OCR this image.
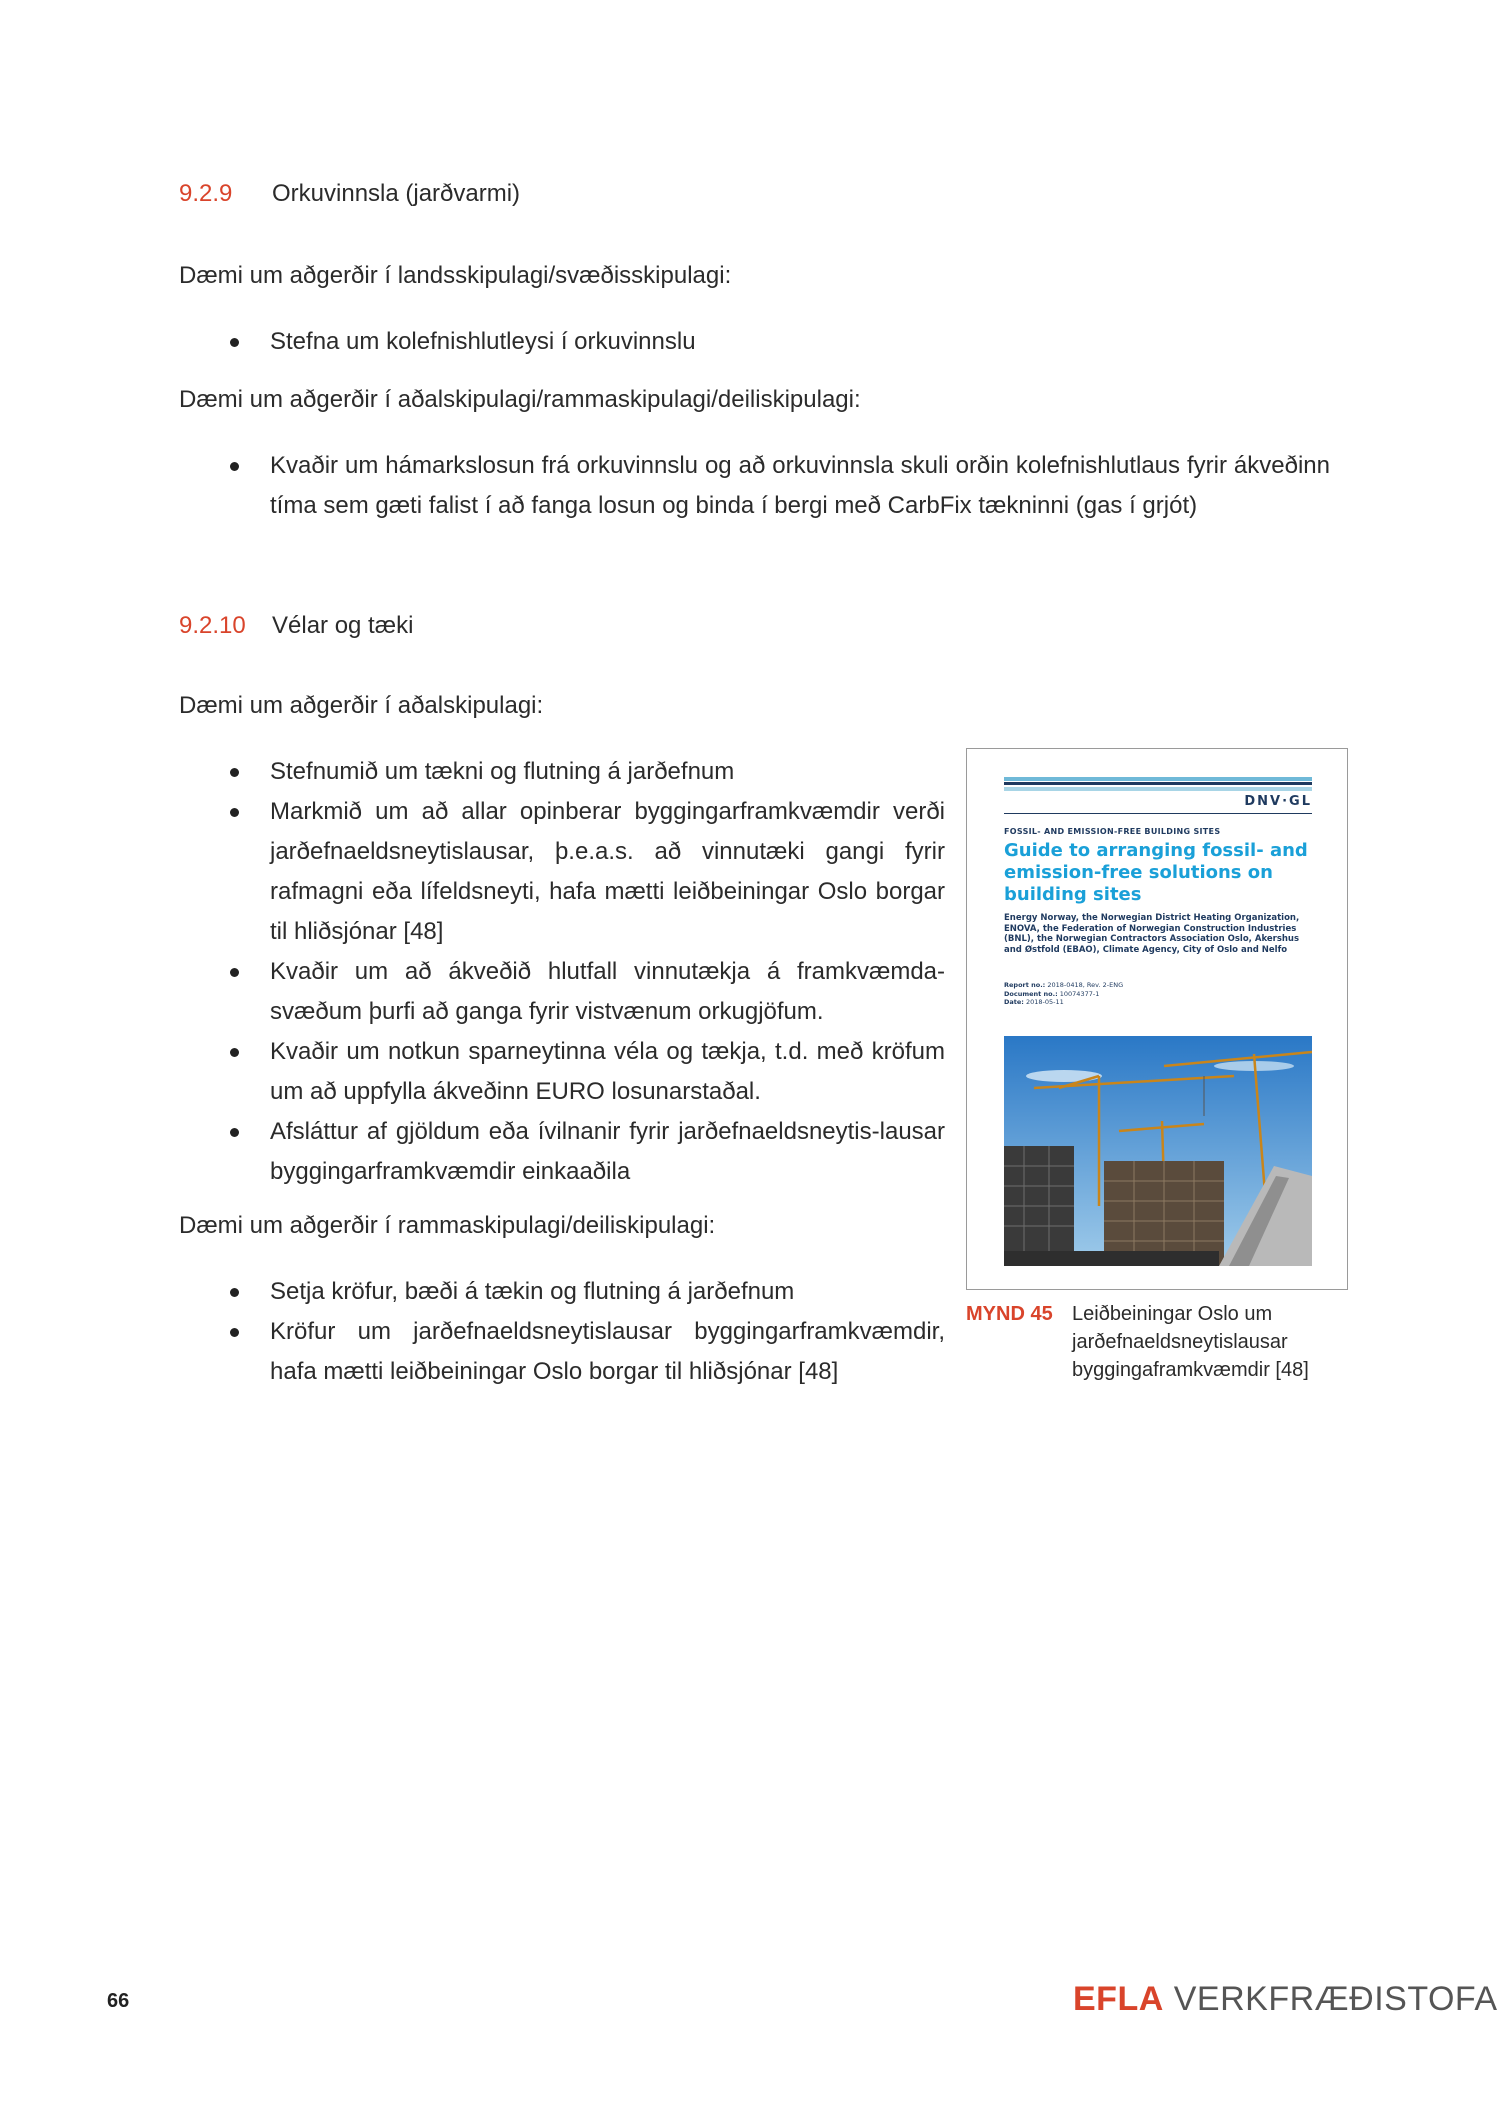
9.2.9 Orkuvinnsla (jarðvarmi)
Dæmi um aðgerðir í landsskipulagi/svæðisskipulagi:
Stefna um kolefnishlutleysi í orkuvinnslu
Dæmi um aðgerðir í aðalskipulagi/rammaskipulagi/deiliskipulagi:
Kvaðir um hámarkslosun frá orkuvinnslu og að orkuvinnsla skuli orðin kolefnishlutlaus fyrir ákveðinn tíma sem gæti falist í að fanga losun og binda í bergi með CarbFix tækninni (gas í grjót)
9.2.10 Vélar og tæki
Dæmi um aðgerðir í aðalskipulagi:
Stefnumið um tækni og flutning á jarðefnum
Markmið um að allar opinberar byggingarframkvæmdir verði jarðefnaeldsneytislausar, þ.e.a.s. að vinnutæki gangi fyrir rafmagni eða lífeldsneyti, hafa mætti leiðbeiningar Oslo borgar til hliðsjónar [48]
Kvaðir um að ákveðið hlutfall vinnutækja á framkvæmda-svæðum þurfi að ganga fyrir vistvænum orkugjöfum.
Kvaðir um notkun sparneytinna véla og tækja, t.d. með kröfum um að uppfylla ákveðinn EURO losunarstaðal.
Afsláttur af gjöldum eða ívilnanir fyrir jarðefnaeldsneytis-lausar byggingarframkvæmdir einkaaðila
Dæmi um aðgerðir í rammaskipulagi/deiliskipulagi:
Setja kröfur, bæði á tækin og flutning á jarðefnum
Kröfur um jarðefnaeldsneytislausar byggingarframkvæmdir, hafa mætti leiðbeiningar Oslo borgar til hliðsjónar [48]
DNV·GL
FOSSIL- AND EMISSION-FREE BUILDING SITES
Guide to arranging fossil- and emission-free solutions on building sites
Energy Norway, the Norwegian District Heating Organization, ENOVA, the Federation of Norwegian Construction Industries (BNL), the Norwegian Contractors Association Oslo, Akershus and Østfold (EBAO), Climate Agency, City of Oslo and Nelfo
Report no.: 2018-0418, Rev. 2-ENG
Document no.: 10074377-1
Date: 2018-05-11
MYND 45 Leiðbeiningar Oslo um jarðefnaeldsneytislausar byggingaframkvæmdir [48]
66	EFLA VERKFRÆÐISTOFA
